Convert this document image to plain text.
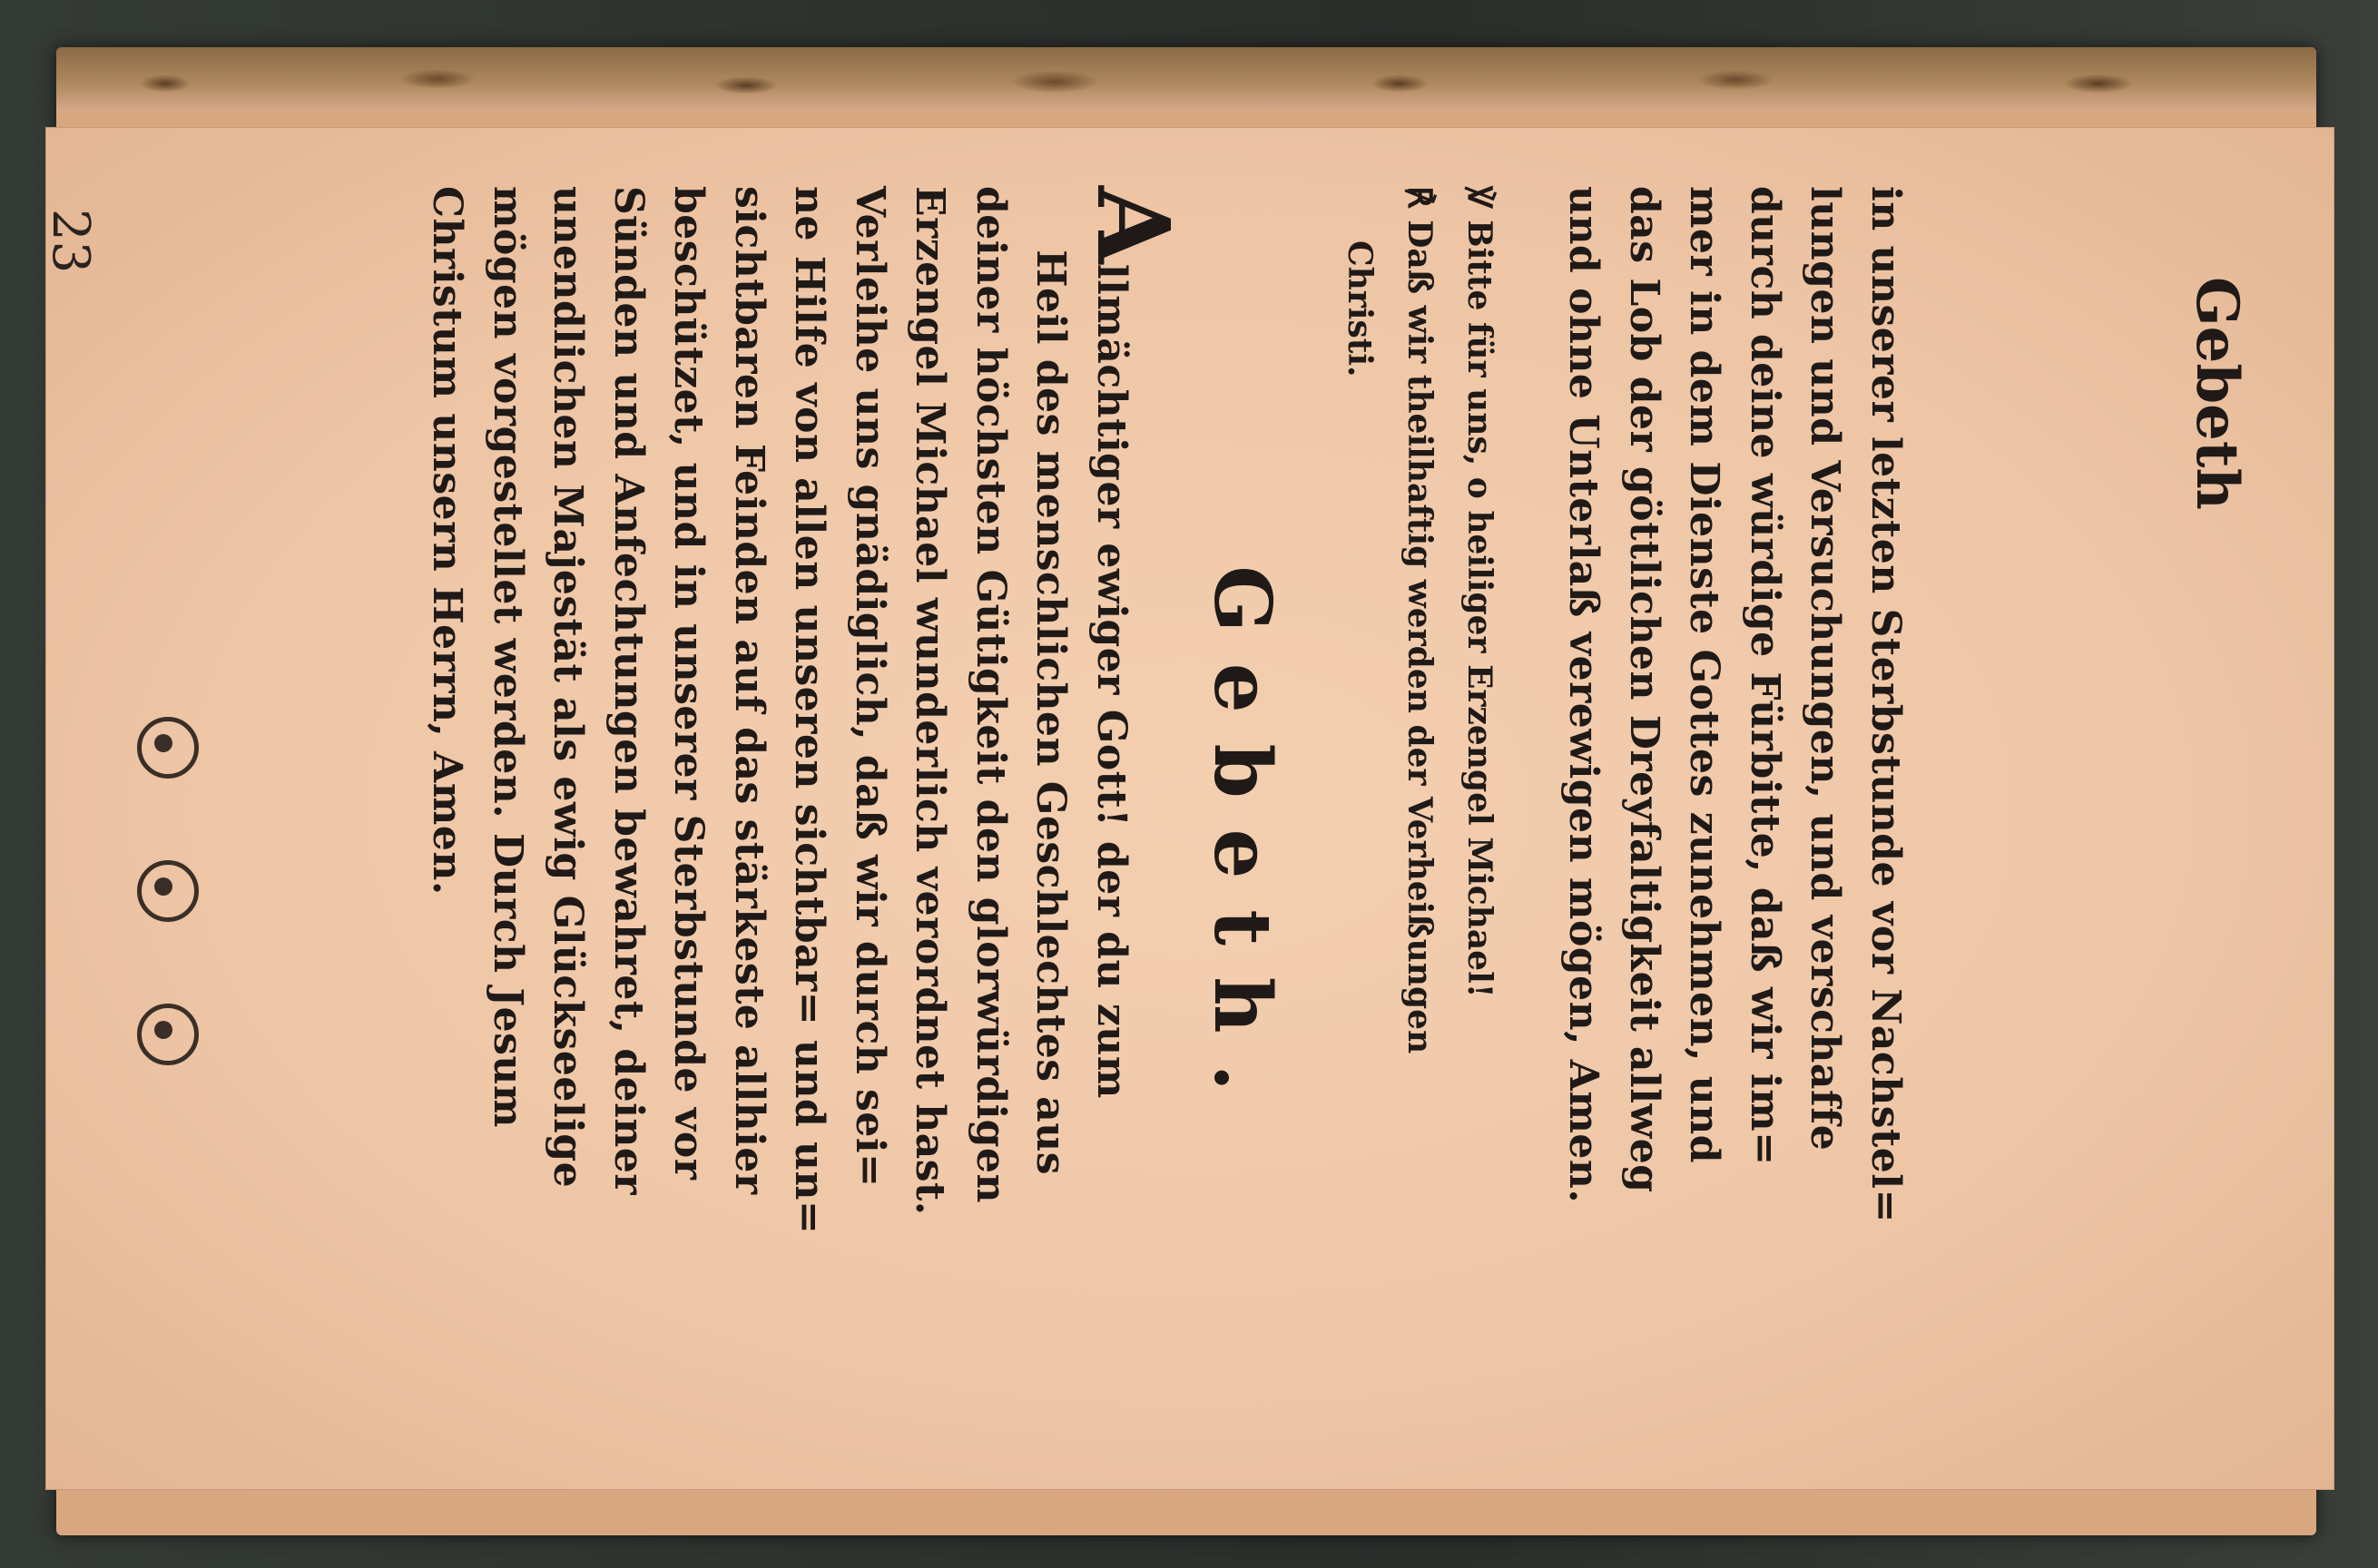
23	in unserer letzten Sterbstunde vor Nachstel=
lungen und Versuchungen, und verschaffe
durch deine würdige Fürbitte, daß wir im=
mer in dem Dienste Gottes zunehmen, und
das Lob der göttlichen Dreyfaltigkeit allweg
und ohne Unterlaß verewigen mögen, Amen.
℣ Bitte für uns, o heiliger Erzengel Michael!
℟ Daß wir theilhaftig werden der Verheißungen
Christi.
Gebeth.
Allmächtiger ewiger Gott! der du zum
Heil des menschlichen Geschlechtes aus
deiner höchsten Gütigkeit den glorwürdigen
Erzengel Michael wunderlich verordnet hast.
Verleihe uns gnädiglich, daß wir durch sei=
ne Hilfe von allen unseren sichtbar= und un=
sichtbaren Feinden auf das stärkeste allhier
beschützet, und in unserer Sterbstunde vor
Sünden und Anfechtungen bewahret, deiner
unendlichen Majestät als ewig Glückseelige
mögen vorgestellet werden. Durch Jesum
Christum unsern Herrn, Amen.	Gebeth
